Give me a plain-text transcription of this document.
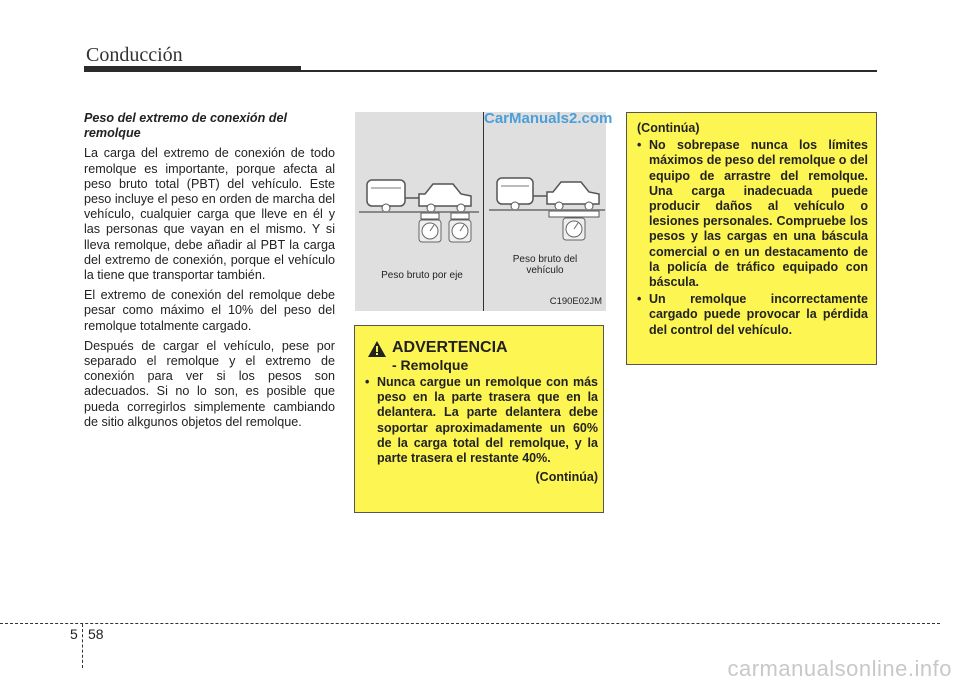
Conducción
Peso del extremo de conexión del remolque

La carga del extremo de conexión de todo remolque es importante, porque afecta al peso bruto total (PBT) del vehículo. Este peso incluye el peso en orden de marcha del vehículo, cualquier carga que lleve en él y las personas que vayan en el mismo. Y si lleva remolque, debe añadir al PBT la carga del extremo de conexión, porque el vehículo la tiene que transportar también.

El extremo de conexión del remolque debe pesar como máximo el 10% del peso del remolque totalmente cargado.

Después de cargar el vehículo, pese por separado el remolque y el extremo de conexión para ver si los pesos son adecuados. Si no lo son, es posible que pueda corregirlos simplemente cambiando de sitio alkgunos objetos del remolque.

Peso bruto por eje
Peso bruto del vehículo
C190E02JM
CarManuals2.com
ADVERTENCIA
- Remolque
• Nunca cargue un remolque con más peso en la parte trasera que en la delantera. La parte delantera debe soportar aproximadamente un 60% de la carga total del remolque, y la parte trasera el restante 40%.
(Continúa)
(Continúa)
• No sobrepase nunca los límites máximos de peso del remolque o del equipo de arrastre del remolque. Una carga inadecuada puede producir daños al vehículo o lesiones personales. Compruebe los pesos y las cargas en una báscula comercial o en un destacamento de la policía de tráfico equipado con báscula.
• Un remolque incorrectamente cargado puede provocar la pérdida del control del vehículo.
5 58
carmanualsonline.info
